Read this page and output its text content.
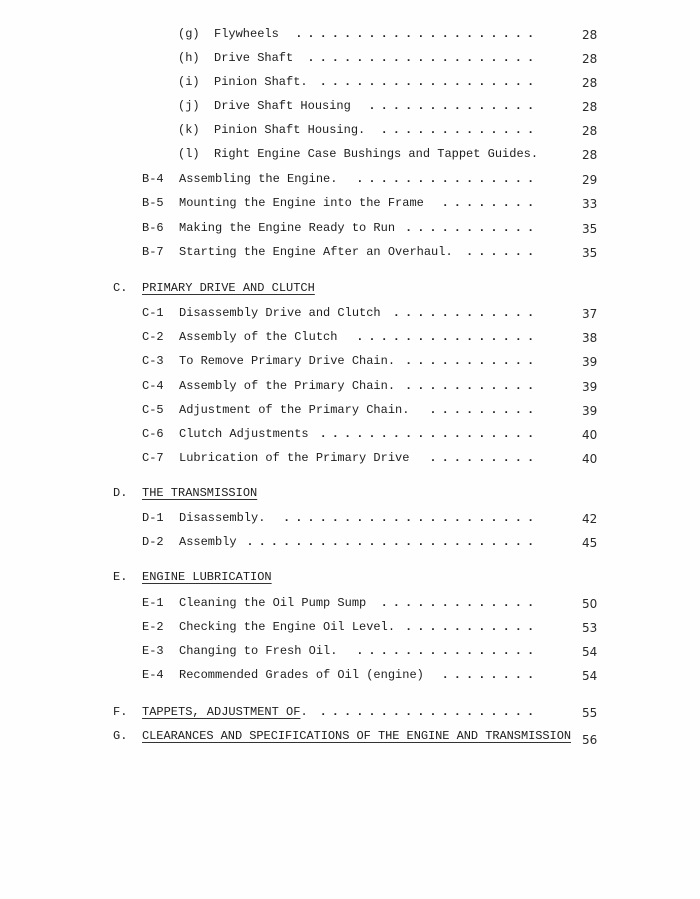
(g) Flywheels . . . . . . . . . . . . . . . . . . . .	28
(h) Drive Shaft . . . . . . . . . . . . . . . . . . .	28
(i) Pinion Shaft. . . . . . . . . . . . . . . . . . .	28
(j) Drive Shaft Housing . . . . . . . . . . . . . .	28
(k) Pinion Shaft Housing. . . . . . . . . . . . . .	28
(l) Right Engine Case Bushings and Tappet Guides.	28
B-4 Assembling the Engine. . . . . . . . . . . . . . . .	29
B-5 Mounting the Engine into the Frame . . . . . . . .	33
B-6 Making the Engine Ready to Run . . . . . . . . . . .	35
B-7 Starting the Engine After an Overhaul. . . . . . .	35
C. PRIMARY DRIVE AND CLUTCH
C-1 Disassembly Drive and Clutch . . . . . . . . . . . .	37
C-2 Assembly of the Clutch . . . . . . . . . . . . . . .	38
C-3 To Remove Primary Drive Chain. . . . . . . . . . . .	39
C-4 Assembly of the Primary Chain. . . . . . . . . . . .	39
C-5 Adjustment of the Primary Chain. . . . . . . . . .	39
C-6 Clutch Adjustments . . . . . . . . . . . . . . . . . .	40
C-7 Lubrication of the Primary Drive . . . . . . . . .	40
D. THE TRANSMISSION
D-1 Disassembly. . . . . . . . . . . . . . . . . . . . . .	42
D-2 Assembly . . . . . . . . . . . . . . . . . . . . . . . .	45
E. ENGINE LUBRICATION
E-1 Cleaning the Oil Pump Sump . . . . . . . . . . . . .	50
E-2 Checking the Engine Oil Level. . . . . . . . . . . .	53
E-3 Changing to Fresh Oil. . . . . . . . . . . . . . . .	54
E-4 Recommended Grades of Oil (engine) . . . . . . . .	54
F. TAPPETS, ADJUSTMENT OF. . . . . . . . . . . . . . . . . . .	55
G. CLEARANCES AND SPECIFICATIONS OF THE ENGINE AND TRANSMISSION 56
